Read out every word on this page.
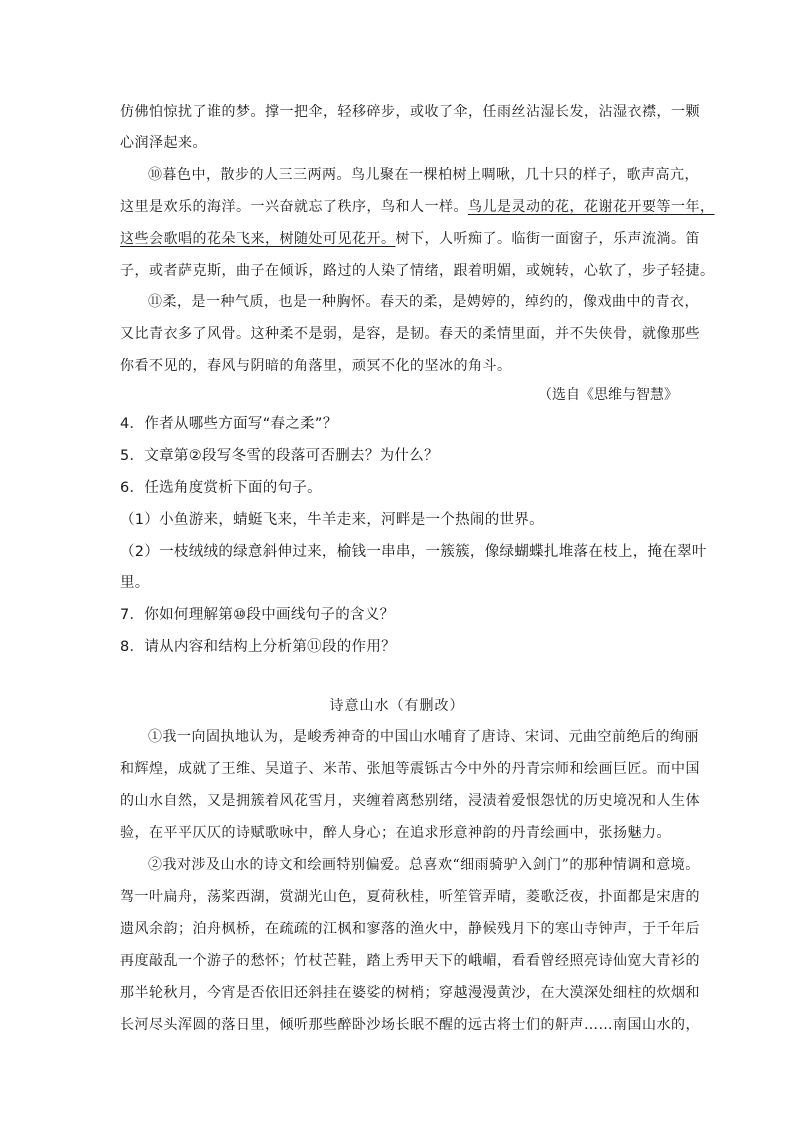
仿佛怕惊扰了谁的梦。撑一把伞，轻移碎步，或收了伞，任雨丝沾湿长发，沾湿衣襟，一颗
心润泽起来。
⑩暮色中，散步的人三三两两。鸟儿聚在一棵柏树上啁啾，几十只的样子，歌声高亢，
这里是欢乐的海洋。一兴奋就忘了秩序，鸟和人一样。鸟儿是灵动的花，花谢花开要等一年，
这些会歌唱的花朵飞来，树随处可见花开。树下，人听痴了。临街一面窗子，乐声流淌。笛
子，或者萨克斯，曲子在倾诉，路过的人染了情绪，跟着明媚，或婉转，心软了，步子轻捷。
⑪柔，是一种气质，也是一种胸怀。春天的柔，是娉婷的，绰约的，像戏曲中的青衣，
又比青衣多了风骨。这种柔不是弱，是容，是韧。春天的柔情里面，并不失侠骨，就像那些
你看不见的，春风与阴暗的角落里，顽冥不化的坚冰的角斗。
（选自《思维与智慧》
4．作者从哪些方面写“春之柔”？
5．文章第②段写冬雪的段落可否删去？为什么？
6．任选角度赏析下面的句子。
（1）小鱼游来，蜻蜓飞来，牛羊走来，河畔是一个热闹的世界。
（2）一枝绒绒的绿意斜伸过来，榆钱一串串，一簇簇，像绿蝴蝶扎堆落在枝上，掩在翠叶
里。
7．你如何理解第⑩段中画线句子的含义？
8．请从内容和结构上分析第⑪段的作用？
诗意山水（有删改）
①我一向固执地认为，是峻秀神奇的中国山水哺育了唐诗、宋词、元曲空前绝后的绚丽
和辉煌，成就了王维、吴道子、米芾、张旭等震铄古今中外的丹青宗师和绘画巨匠。而中国
的山水自然，又是拥簇着风花雪月，夹缠着离愁别绪，浸渍着爱恨怨忧的历史境况和人生体
验，在平平仄仄的诗赋歌咏中，醉人身心；在追求形意神韵的丹青绘画中，张扬魅力。
②我对涉及山水的诗文和绘画特别偏爱。总喜欢“细雨骑驴入剑门”的那种情调和意境。
驾一叶扁舟，荡桨西湖，赏湖光山色，夏荷秋桂，听笙管弄晴，菱歌泛夜，扑面都是宋唐的
遗风余韵；泊舟枫桥，在疏疏的江枫和寥落的渔火中，静候残月下的寒山寺钟声，于千年后
再度敲乱一个游子的愁怀；竹杖芒鞋，踏上秀甲天下的峨嵋，看看曾经照亮诗仙宽大青衫的
那半轮秋月，今宵是否依旧还斜挂在婆娑的树梢；穿越漫漫黄沙，在大漠深处细柱的炊烟和
长河尽头浑圆的落日里，倾听那些醉卧沙场长眠不醒的远古将士们的鼾声……南国山水的，
